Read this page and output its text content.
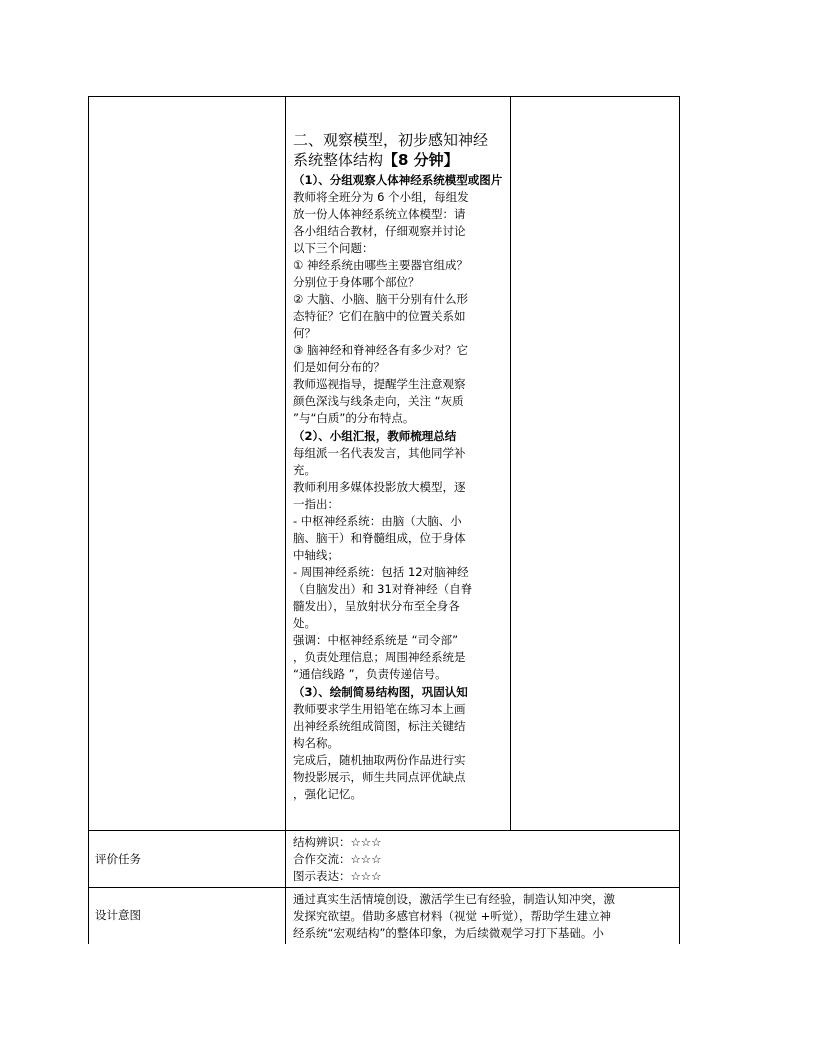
二、观察模型，初步感知神经
系统整体结构【8 分钟】
（1）、分组观察人体神经系统模型或图片
教师将全班分为 6 个小组，每组发
放一份人体神经系统立体模型：请
各小组结合教材，仔细观察并讨论
以下三个问题：
① 神经系统由哪些主要器官组成？
分别位于身体哪个部位？
② 大脑、小脑、脑干分别有什么形
态特征？它们在脑中的位置关系如
何？
③ 脑神经和脊神经各有多少对？它
们是如何分布的？
教师巡视指导，提醒学生注意观察
颜色深浅与线条走向，关注 “灰质
”与“白质”的分布特点。
（2）、小组汇报，教师梳理总结
每组派一名代表发言，其他同学补
充。
教师利用多媒体投影放大模型，逐
一指出：
- 中枢神经系统：由脑（大脑、小
脑、脑干）和脊髓组成，位于身体
中轴线；
- 周围神经系统：包括 12对脑神经
（自脑发出）和 31对脊神经（自脊
髓发出），呈放射状分布至全身各
处。
强调：中枢神经系统是 “司令部”
，负责处理信息；周围神经系统是
“通信线路 ”，负责传递信号。
（3）、绘制简易结构图，巩固认知
教师要求学生用铅笔在练习本上画
出神经系统组成简图，标注关键结
构名称。
完成后，随机抽取两份作品进行实
物投影展示，师生共同点评优缺点
，强化记忆。
评价任务
结构辨识：☆☆☆
合作交流：☆☆☆
图示表达：☆☆☆
设计意图
通过真实生活情境创设，激活学生已有经验，制造认知冲突，激
发探究欲望。借助多感官材料（视觉 +听觉），帮助学生建立神
经系统“宏观结构”的整体印象，为后续微观学习打下基础。小
